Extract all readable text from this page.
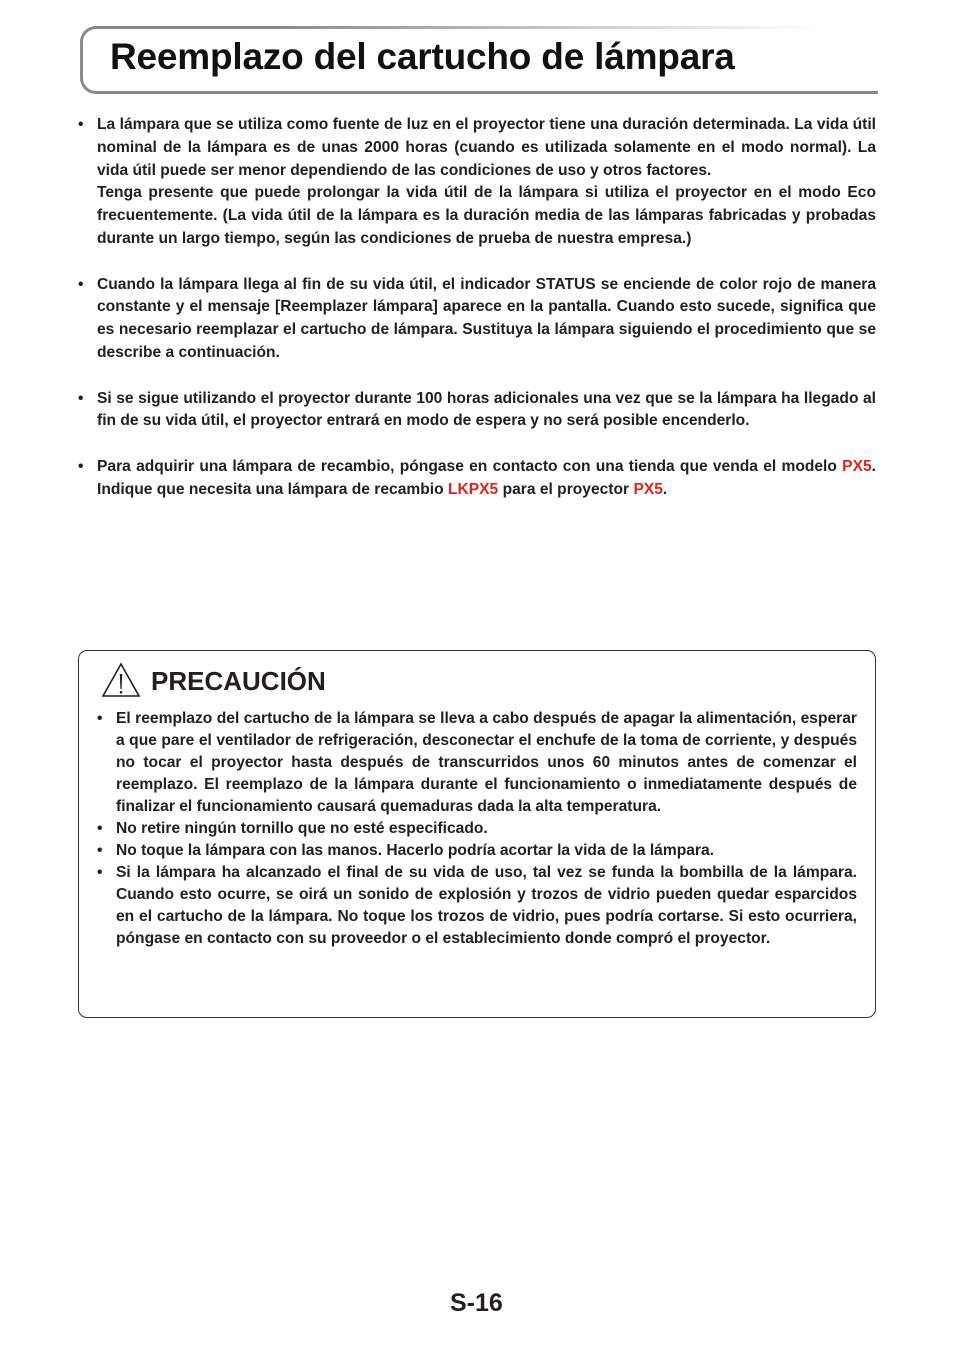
Reemplazo del cartucho de lámpara
• La lámpara que se utiliza como fuente de luz en el proyector tiene una duración determinada. La vida útil nominal de la lámpara es de unas 2000 horas (cuando es utilizada solamente en el modo normal). La vida útil puede ser menor dependiendo de las condiciones de uso y otros factores.

Tenga presente que puede prolongar la vida útil de la lámpara si utiliza el proyector en el modo Eco frecuentemente. (La vida útil de la lámpara es la duración media de las lámparas fabricadas y probadas durante un largo tiempo, según las condiciones de prueba de nuestra empresa.)

• Cuando la lámpara llega al fin de su vida útil, el indicador STATUS se enciende de color rojo de manera constante y el mensaje [Reemplazer lámpara] aparece en la pantalla. Cuando esto sucede, significa que es necesario reemplazar el cartucho de lámpara. Sustituya la lámpara siguiendo el procedimiento que se describe a continuación.

• Si se sigue utilizando el proyector durante 100 horas adicionales una vez que se la lámpara ha llegado al fin de su vida útil, el proyector entrará en modo de espera y no será posible encenderlo.

• Para adquirir una lámpara de recambio, póngase en contacto con una tienda que venda el modelo PX5. Indique que necesita una lámpara de recambio LKPX5 para el proyector PX5.

PRECAUCIÓN
• El reemplazo del cartucho de la lámpara se lleva a cabo después de apagar la alimentación, esperar a que pare el ventilador de refrigeración, desconectar el enchufe de la toma de corriente, y después no tocar el proyector hasta después de transcurridos unos 60 minutos antes de comenzar el reemplazo. El reemplazo de la lámpara durante el funcionamiento o inmediatamente después de finalizar el funcionamiento causará quemaduras dada la alta temperatura.

• No retire ningún tornillo que no esté especificado.

• No toque la lámpara con las manos. Hacerlo podría acortar la vida de la lámpara.

• Si la lámpara ha alcanzado el final de su vida de uso, tal vez se funda la bombilla de la lámpara. Cuando esto ocurre, se oirá un sonido de explosión y trozos de vidrio pueden quedar esparcidos en el cartucho de la lámpara. No toque los trozos de vidrio, pues podría cortarse. Si esto ocurriera, póngase en contacto con su proveedor o el establecimiento donde compró el proyector.

S-16
